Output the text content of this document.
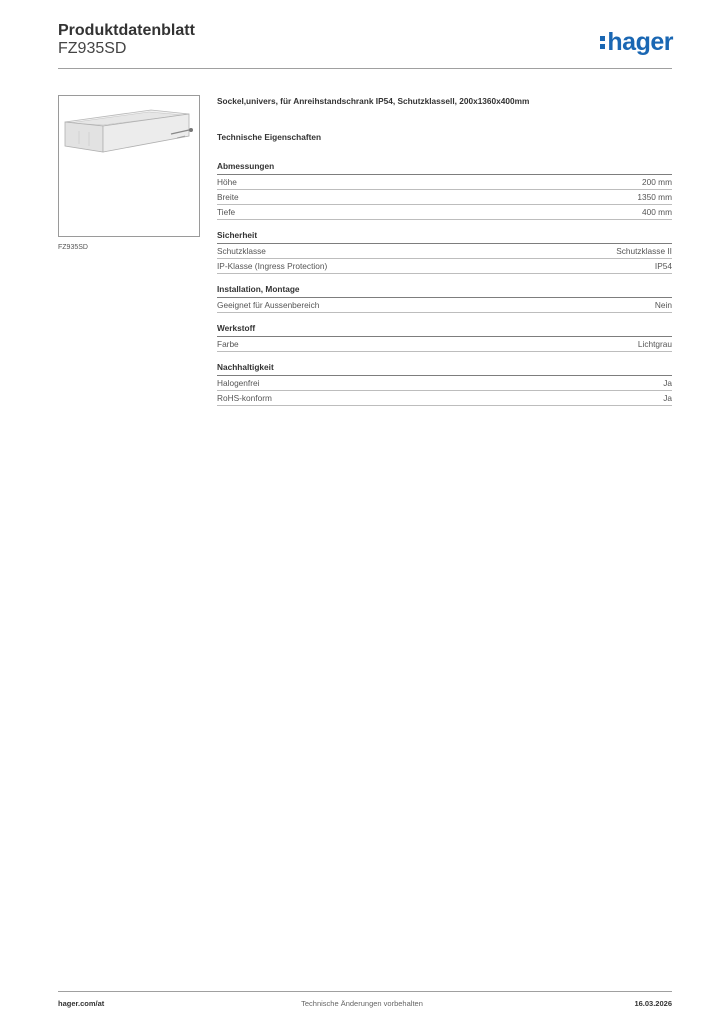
Produktdatenblatt
FZ935SD	hager
FZ935SD
Sockel,univers, für Anreihstandschrank IP54, Schutzklassell, 200x1360x400mm
Technische Eigenschaften
Abmessungen
Höhe	200 mm
Breite	1350 mm
Tiefe	400 mm
Sicherheit
Schutzklasse	Schutzklasse II
IP-Klasse (Ingress Protection)	IP54
Installation, Montage
Geeignet für Aussenbereich	Nein
Werkstoff
Farbe	Lichtgrau
Nachhaltigkeit
Halogenfrei	Ja
RoHS-konform	Ja
hager.com/at	Technische Änderungen vorbehalten	16.03.2026
